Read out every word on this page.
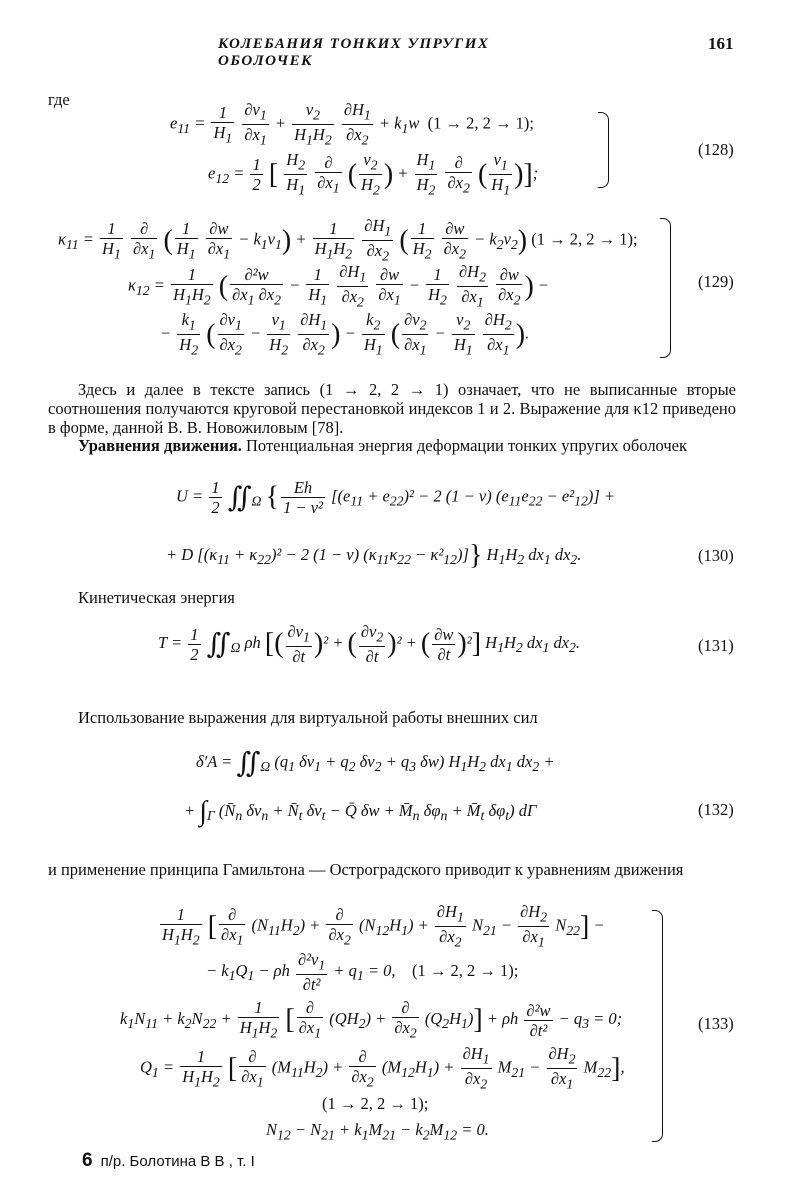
КОЛЕБАНИЯ ТОНКИХ УПРУГИХ ОБОЛОЧЕК
161
где
$e_{11} = \frac{1}{H_1}$
$\frac{\partial v_1}{\partial x_1} + \frac{v_2}{H_1H_2}$
$\frac{\partial H_1}{\partial x_2} + k_1w$  (1 → 2, 2 → 1);
$e_{12} = \frac{1}{2}$ [ $\frac{H_2}{H_1}$
$\frac{\partial}{\partial x_1}$ ( $\frac{v_2}{H_2}$ ) + $\frac{H_1}{H_2}$
$\frac{\partial}{\partial x_2}$ ( $\frac{v_1}{H_1}$ )];
(128)
$\kappa_{11} = \frac{1}{H_1}$
$\frac{\partial}{\partial x_1}$ ( $\frac{1}{H_1}$
$\frac{\partial w}{\partial x_1} - k_1v_1) + \frac{1}{H_1H_2}$
$\frac{\partial H_1}{\partial x_2}$ ( $\frac{1}{H_2}$
$\frac{\partial w}{\partial x_2} - k_2v_2$) (1 → 2, 2 → 1);
$\kappa_{12} = \frac{1}{H_1H_2}$ ( $\frac{\text{∂²w}}{\partial x_1 \partial x_2} - \frac{1}{H_1}$
$\frac{\partial H_1}{\partial x_2}$
$\frac{\partial w}{\partial x_1} - \frac{1}{H_2}$
$\frac{\partial H_2}{\partial x_1}$
$\frac{\partial w}{\partial x_2}$ ) −
− $\frac{k_1}{H_2}$ ( $\frac{\partial v_1}{\partial x_2} - \frac{v_1}{H_2}$
$\frac{\partial H_1}{\partial x_2}$ ) − $\frac{k_2}{H_1}$ ( $\frac{\partial v_2}{\partial x_1} - \frac{v_2}{H_1}$
$\frac{\partial H_2}{\partial x_1}$ ).
(129)
Здесь и далее в тексте запись (1 → 2, 2 → 1) означает, что не выписанные вторые соотношения получаются круговой перестановкой индексов 1 и 2. Выражение для κ12 приведено в форме, данной В. В. Новожиловым [78].
Уравнения движения. Потенциальная энергия деформации тонких упругих оболочек
$U = \frac{1}{2}$ $∬_\Omega$ { $\frac{Eh}{\text{1 − ν²}} [(e_{11} + e_{22})^2 - 2$ (1 − ν) $(e_{11}e_{22} - e^2_{12})$] +
+ D [$(\kappa_{11} + \kappa_{22})^2 - 2$ (1 − ν) $(\kappa_{11}\kappa_{22} - \kappa^2_{12})$]} $H_1H_2$ $dx_1$ $dx_2$.	(130)
Кинетическая энергия
$T = \frac{1}{2}$ $∬_\Omega$ ρh [( $\frac{\partial v_1}{\partial t} )^2$ + ( $\frac{\partial v_2}{\partial t} )^2$ + ( $\frac{\partial w}{\partial t} )^2$] $H_1H_2$ $dx_1$ $dx_2$.	(131)
Использование выражения для виртуальной работы внешних сил
$\delta'A = ∬_\Omega$ ($q_1$ $\delta v_1 + q_2$ $\delta v_2 + q_3$ δw) $H_1H_2$ $dx_1$ $dx_2$ +
+ $\int_\Gamma$ ($N̄_n$ $\delta v_n$ + $N̄_t$ $\delta v_t$ − Q̄ $\delta w + M̄_n$ $\delta\varphi_n$ + $M̄_t$ $\delta\varphi_t$) dΓ	(132)
и применение принципа Гамильтона — Остроградского приводит к уравнениям движения
$\frac{1}{H_1H_2}$ [ $\frac{\partial}{\partial x_1} (N_{11}H_2) + \frac{\partial}{\partial x_2} (N_{12}H_1) + \frac{\partial H_1}{\partial x_2} N_{21} - \frac{\partial H_2}{\partial x_1} N_{22}$] −
− $k_1Q_1 - \rho h \frac{\partial^2v_1}{\text{∂t²}} + q_1 = 0$,    (1 → 2, 2 → 1);
$k_1N_{11} + k_2N_{22} + \frac{1}{H_1H_2}$ [ $\frac{\partial}{\partial x_1} (QH_2) + \frac{\partial}{\partial x_2} (Q_2H_1)] + \rho h \frac{\text{∂²w}}{\text{∂t²}} - q_3 = 0$;
$Q_1 = \frac{1}{H_1H_2}$ [ $\frac{\partial}{\partial x_1} (M_{11}H_2) + \frac{\partial}{\partial x_2} (M_{12}H_1) + \frac{\partial H_1}{\partial x_2} M_{21} - \frac{\partial H_2}{\partial x_1} M_{22}$],
(1 → 2, 2 → 1);
$N_{12} - N_{21} + k_1M_{21} - k_2M_{12} = 0$.
(133)
6 п/р. Болотина В В , т. I
